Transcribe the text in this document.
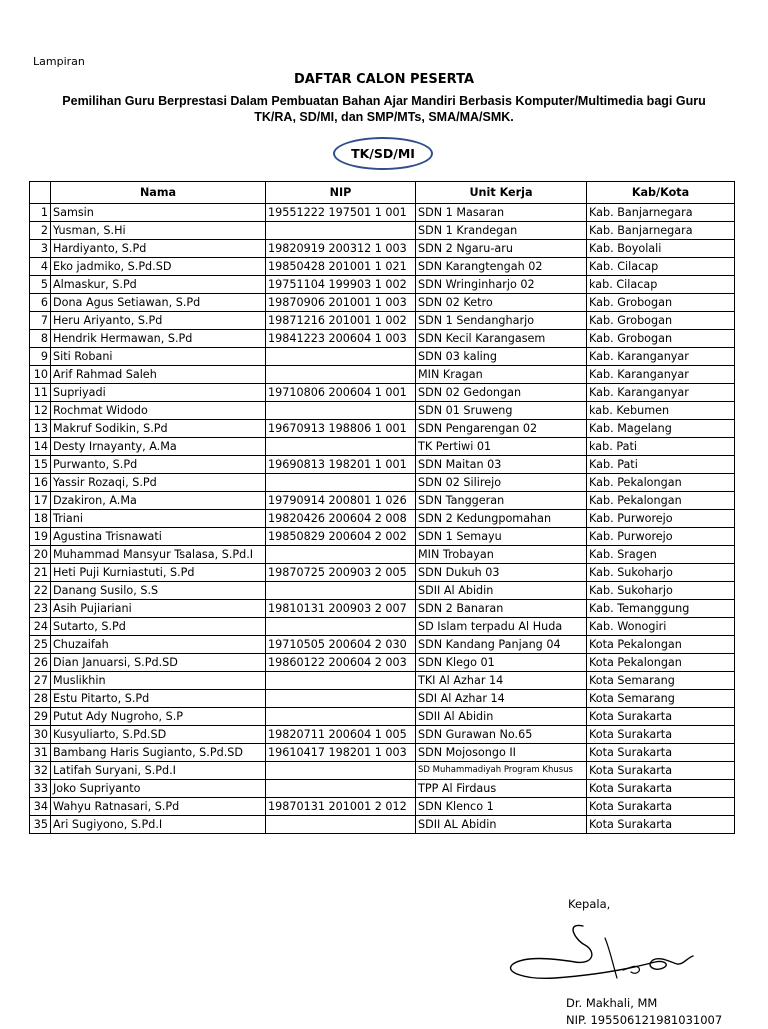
Lampiran
DAFTAR CALON PESERTA
Pemilihan Guru Berprestasi Dalam Pembuatan Bahan Ajar Mandiri Berbasis Komputer/Multimedia bagi Guru
TK/RA, SD/MI, dan SMP/MTs, SMA/MA/SMK.
TK/SD/MI
	Nama	NIP	Unit Kerja	Kab/Kota
1	Samsin	19551222 197501 1 001	SDN 1 Masaran	Kab. Banjarnegara
2	Yusman, S.Hi		SDN 1 Krandegan	Kab. Banjarnegara
3	Hardiyanto, S.Pd	19820919 200312 1 003	SDN 2 Ngaru-aru	Kab. Boyolali
4	Eko jadmiko, S.Pd.SD	19850428 201001 1 021	SDN Karangtengah 02	Kab. Cilacap
5	Almaskur, S.Pd	19751104 199903 1 002	SDN Wringinharjo 02	kab. Cilacap
6	Dona Agus Setiawan, S.Pd	19870906 201001 1 003	SDN 02 Ketro	Kab. Grobogan
7	Heru Ariyanto, S.Pd	19871216 201001 1 002	SDN 1 Sendangharjo	Kab. Grobogan
8	Hendrik Hermawan, S.Pd	19841223 200604 1 003	SDN Kecil Karangasem	Kab. Grobogan
9	Siti Robani		SDN 03 kaling	Kab. Karanganyar
10	Arif Rahmad Saleh		MIN Kragan	Kab. Karanganyar
11	Supriyadi	19710806 200604 1 001	SDN 02 Gedongan	Kab. Karanganyar
12	Rochmat Widodo		SDN 01 Sruweng	kab. Kebumen
13	Makruf Sodikin, S.Pd	19670913 198806 1 001	SDN Pengarengan 02	Kab. Magelang
14	Desty Irnayanty, A.Ma		TK Pertiwi 01	kab. Pati
15	Purwanto, S.Pd	19690813 198201 1 001	SDN Maitan 03	Kab. Pati
16	Yassir Rozaqi, S.Pd		SDN 02 Silirejo	Kab. Pekalongan
17	Dzakiron, A.Ma	19790914 200801 1 026	SDN Tanggeran	Kab. Pekalongan
18	Triani	19820426 200604 2 008	SDN 2 Kedungpomahan	Kab. Purworejo
19	Agustina Trisnawati	19850829 200604 2 002	SDN 1 Semayu	Kab. Purworejo
20	Muhammad Mansyur Tsalasa, S.Pd.I		MIN Trobayan	Kab. Sragen
21	Heti Puji Kurniastuti, S.Pd	19870725 200903 2 005	SDN Dukuh 03	Kab. Sukoharjo
22	Danang Susilo, S.S		SDII Al Abidin	Kab. Sukoharjo
23	Asih Pujiariani	19810131 200903 2 007	SDN 2 Banaran	Kab. Temanggung
24	Sutarto, S.Pd		SD Islam terpadu Al Huda	Kab. Wonogiri
25	Chuzaifah	19710505 200604 2 030	SDN Kandang Panjang 04	Kota Pekalongan
26	Dian Januarsi, S.Pd.SD	19860122 200604 2 003	SDN Klego 01	Kota Pekalongan
27	Muslikhin		TKI Al Azhar 14	Kota Semarang
28	Estu Pitarto, S.Pd		SDI Al Azhar 14	Kota Semarang
29	Putut Ady Nugroho, S.P		SDII Al Abidin	Kota Surakarta
30	Kusyuliarto, S.Pd.SD	19820711 200604 1 005	SDN Gurawan No.65	Kota Surakarta
31	Bambang Haris Sugianto, S.Pd.SD	19610417 198201 1 003	SDN Mojosongo II	Kota Surakarta
32	Latifah Suryani, S.Pd.I		SD Muhammadiyah Program Khusus	Kota Surakarta
33	Joko Supriyanto		TPP Al Firdaus	Kota Surakarta
34	Wahyu Ratnasari, S.Pd	19870131 201001 2 012	SDN Klenco 1	Kota Surakarta
35	Ari Sugiyono, S.Pd.I		SDII AL Abidin	Kota Surakarta
Kepala,
Dr. Makhali, MM
NIP. 195506121981031007
